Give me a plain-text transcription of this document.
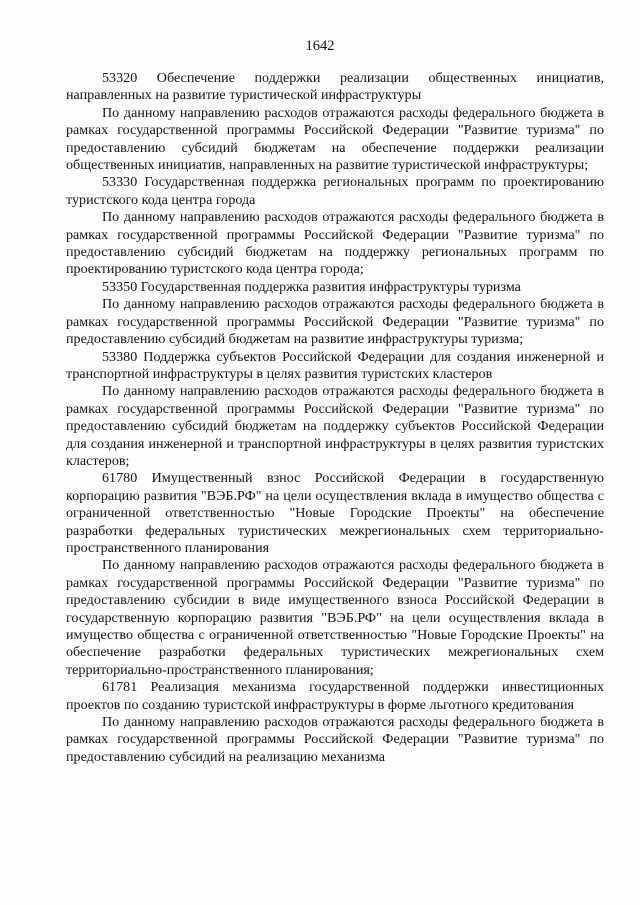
1642

53320 Обеспечение поддержки реализации общественных инициатив, направленных на развитие туристической инфраструктуры

По данному направлению расходов отражаются расходы федерального бюджета в рамках государственной программы Российской Федерации "Развитие туризма" по предоставлению субсидий бюджетам на обеспечение поддержки реализации общественных инициатив, направленных на развитие туристической инфраструктуры;

53330 Государственная поддержка региональных программ по проектированию туристского кода центра города

По данному направлению расходов отражаются расходы федерального бюджета в рамках государственной программы Российской Федерации "Развитие туризма" по предоставлению субсидий бюджетам на поддержку региональных программ по проектированию туристского кода центра города;

53350 Государственная поддержка развития инфраструктуры туризма

По данному направлению расходов отражаются расходы федерального бюджета в рамках государственной программы Российской Федерации "Развитие туризма" по предоставлению субсидий бюджетам на развитие инфраструктуры туризма;

53380 Поддержка субъектов Российской Федерации для создания инженерной и транспортной инфраструктуры в целях развития туристских кластеров

По данному направлению расходов отражаются расходы федерального бюджета в рамках государственной программы Российской Федерации "Развитие туризма" по предоставлению субсидий бюджетам на поддержку субъектов Российской Федерации для создания инженерной и транспортной инфраструктуры в целях развития туристских кластеров;

61780 Имущественный взнос Российской Федерации в государственную корпорацию развития "ВЭБ.РФ" на цели осуществления вклада в имущество общества с ограниченной ответственностью "Новые Городские Проекты" на обеспечение разработки федеральных туристических межрегиональных схем территориально-пространственного планирования

По данному направлению расходов отражаются расходы федерального бюджета в рамках государственной программы Российской Федерации "Развитие туризма" по предоставлению субсидии в виде имущественного взноса Российской Федерации в государственную корпорацию развития "ВЭБ.РФ" на цели осуществления вклада в имущество общества с ограниченной ответственностью "Новые Городские Проекты" на обеспечение разработки федеральных туристических межрегиональных схем территориально-пространственного планирования;

61781 Реализация механизма государственной поддержки инвестиционных проектов по созданию туристской инфраструктуры в форме льготного кредитования

По данному направлению расходов отражаются расходы федерального бюджета в рамках государственной программы Российской Федерации "Развитие туризма" по предоставлению субсидий на реализацию механизма
